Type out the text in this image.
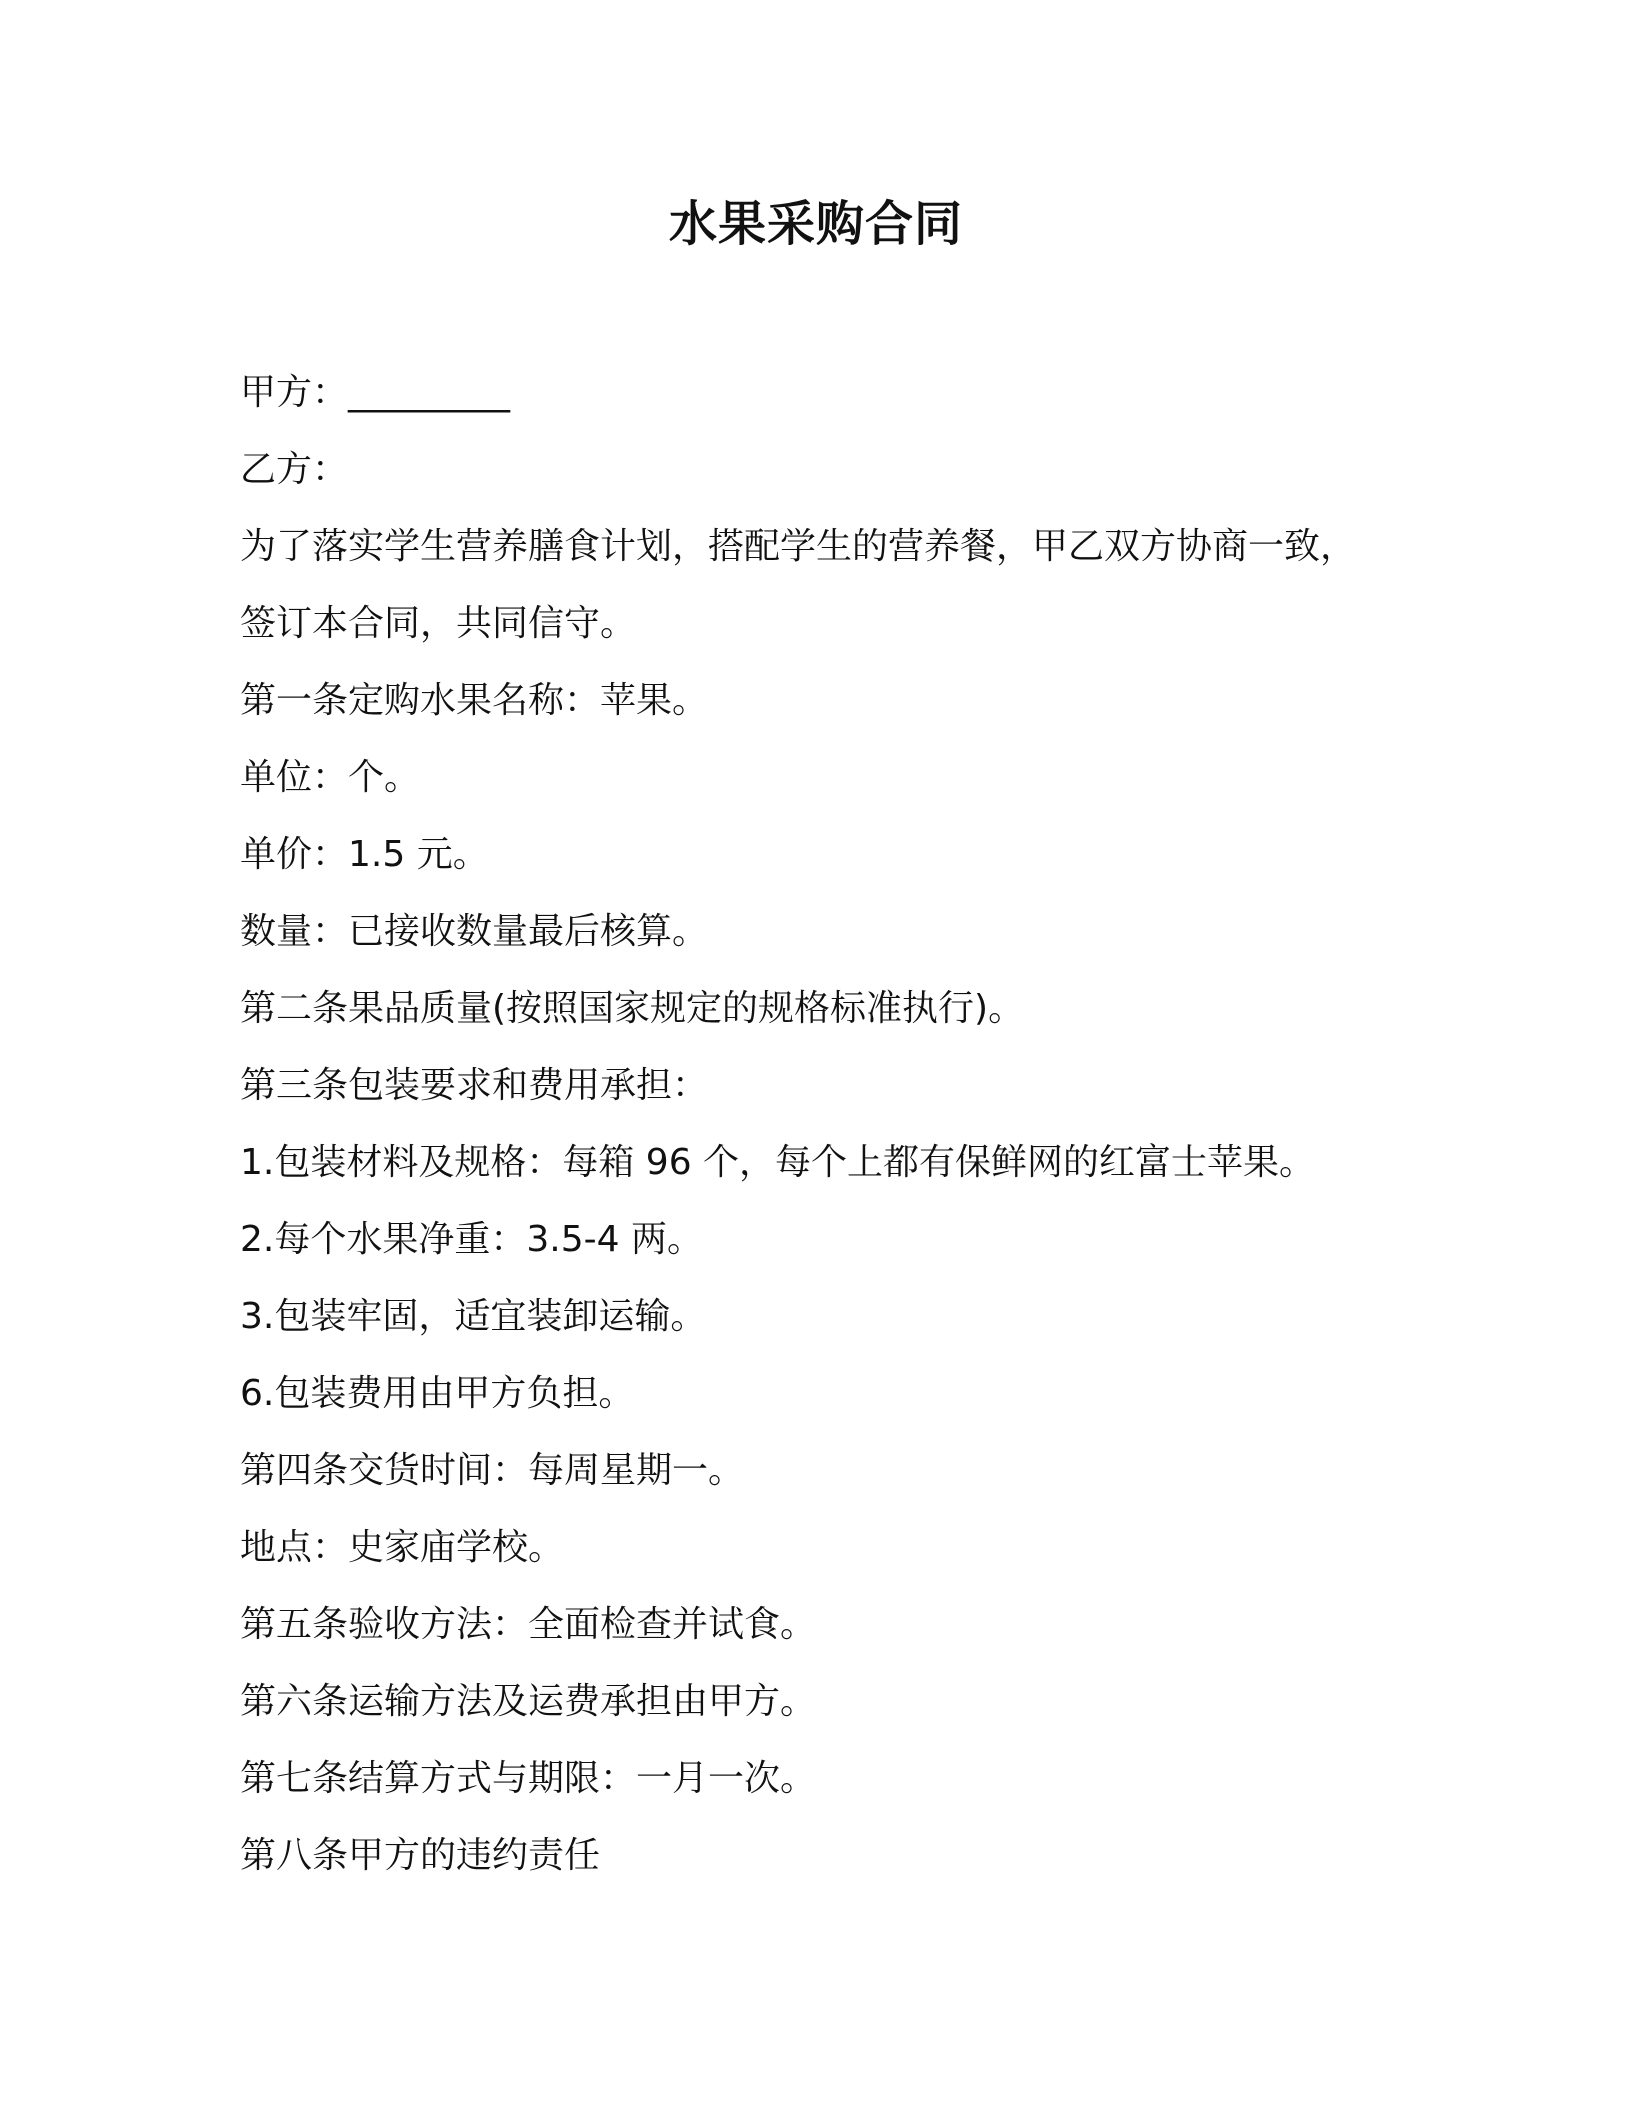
水果采购合同
甲方：_________
乙方：
为了落实学生营养膳食计划，搭配学生的营养餐，甲乙双方协商一致，
签订本合同，共同信守。
第一条定购水果名称：苹果。
单位：个。
单价：1.5 元。
数量：已接收数量最后核算。
第二条果品质量(按照国家规定的规格标准执行)。
第三条包装要求和费用承担：
1.包装材料及规格：每箱 96 个，每个上都有保鲜网的红富士苹果。
2.每个水果净重：3.5-4 两。
3.包装牢固，适宜装卸运输。
6.包装费用由甲方负担。
第四条交货时间：每周星期一。
地点：史家庙学校。
第五条验收方法：全面检查并试食。
第六条运输方法及运费承担由甲方。
第七条结算方式与期限：一月一次。
第八条甲方的违约责任
